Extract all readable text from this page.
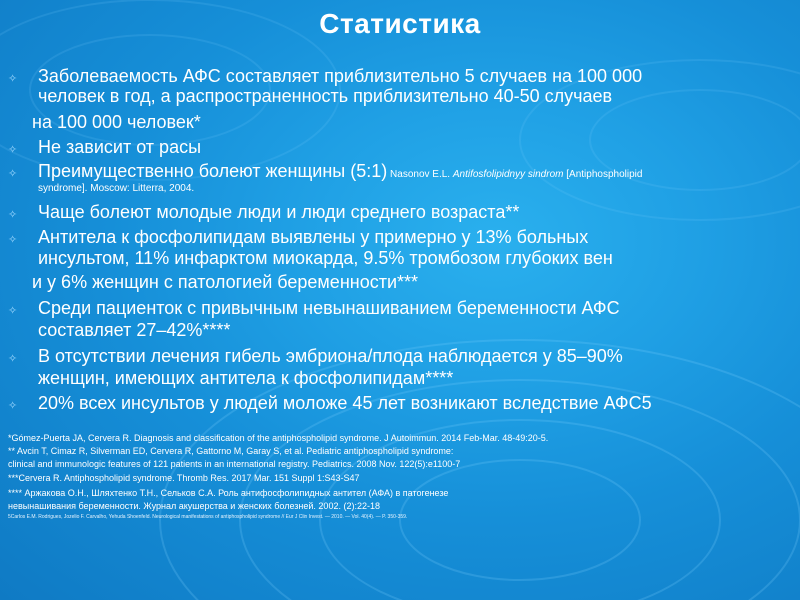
Статистика
✧ Заболеваемость АФС составляет приблизительно 5 случаев на 100 000
человек в год, а распространенность приблизительно 40-50 случаев
на 100 000 человек*
✧ Не зависит от расы
✧ Преимущественно болеют женщины (5:1) Nasonov E.L. Antifosfolipidnyy sindrom [Antiphospholipid
syndrome]. Moscow: Litterra, 2004.
✧ Чаще болеют молодые люди и люди среднего возраста**
✧ Антитела к фосфолипидам выявлены у примерно у 13% больных
инсультом, 11% инфарктом миокарда, 9.5% тромбозом глубоких вен
и у 6% женщин с патологией беременности***
✧ Среди пациенток с привычным невынашиванием беременности АФС
составляет 27–42%****
✧ В отсутствии лечения гибель эмбриона/плода наблюдается у 85–90%
женщин, имеющих антитела к фосфолипидам****
✧ 20% всех инсультов у людей моложе 45 лет возникают вследствие АФС5
*Gómez-Puerta JA, Cervera R. Diagnosis and classification of the antiphospholipid syndrome. J Autoimmun. 2014 Feb-Mar. 48-49:20-5.
** Avcin T, Cimaz R, Silverman ED, Cervera R, Gattorno M, Garay S, et al. Pediatric antiphospholipid syndrome:
clinical and immunologic features of 121 patients in an international registry. Pediatrics. 2008 Nov. 122(5):e1100-7
***Cervera R. Antiphospholipid syndrome. Thromb Res. 2017 Mar. 151 Suppl 1:S43-S47
**** Аржакова О.Н., Шляхтенко Т.Н., Сельков С.А. Роль антифосфолипидных антител (АФА) в патогенезе
невынашивания беременности. Журнал акушерства и женских болезней. 2002. (2):22-18
5Carlos E.M. Rodrigues, Jozelio F. Carvalho, Yehuda Shoenfeld. Neurological manifestations of antiphospholipid syndrome // Eur J Clin Invest. — 2010. — Vol. 40(4). — P. 350-359.
